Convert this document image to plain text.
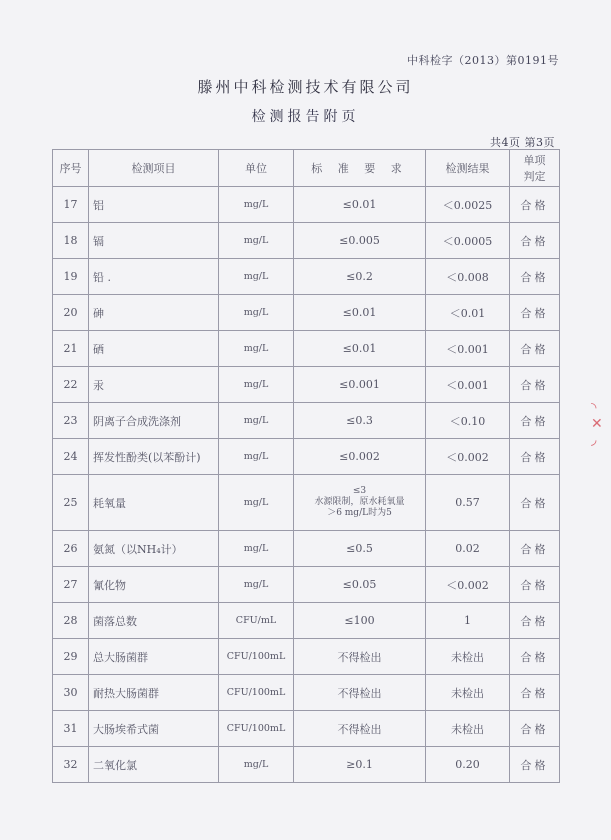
中科检字（2013）第0191号
滕州中科检测技术有限公司
检测报告附页
共4页 第3页
序号	检测项目	单位	标 准 要 求	检测结果	单项
判定

17	铝	mg/L	≤0.01	＜0.0025	合格
18	镉	mg/L	≤0.005	＜0.0005	合格
19	铅 .	mg/L	≤0.2	＜0.008	合格
20	砷	mg/L	≤0.01	＜0.01	合格
21	硒	mg/L	≤0.01	＜0.001	合格
22	汞	mg/L	≤0.001	＜0.001	合格
23	阴离子合成洗涤剂	mg/L	≤0.3	＜0.10	合格
24	挥发性酚类(以苯酚计)	mg/L	≤0.002	＜0.002	合格
25	耗氧量	mg/L	≤3
水源限制，原水耗氧量
＞6 mg/L时为5	0.57	合格
26	氨氮（以NH₄计）	mg/L	≤0.5	0.02	合格
27	氰化物	mg/L	≤0.05	＜0.002	合格
28	菌落总数	CFU/mL	≤100	1	合格
29	总大肠菌群	CFU/100mL	不得检出	未检出	合格
30	耐热大肠菌群	CFU/100mL	不得检出	未检出	合格
31	大肠埃希式菌	CFU/100mL	不得检出	未检出	合格
32	二氧化氯	mg/L	≥0.1	0.20	合格
◝
✕
◞
